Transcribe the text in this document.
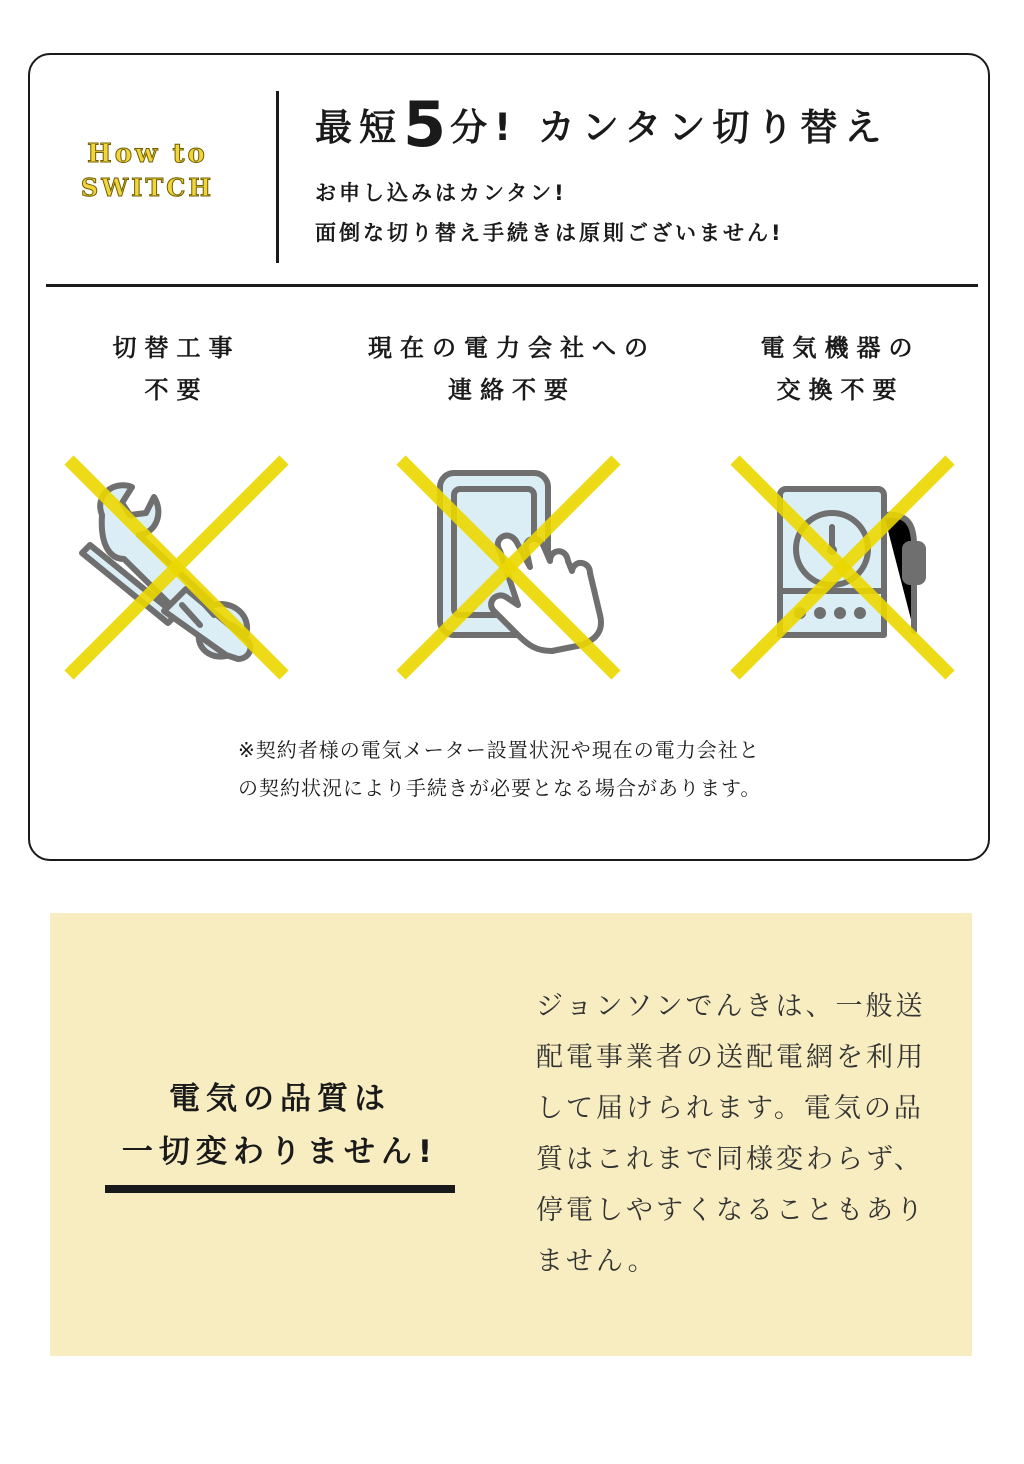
How to
SWITCH
最短5分! カンタン切り替え
お申し込みはカンタン!
面倒な切り替え手続きは原則ございません!
切替工事
不要
現在の電力会社への
連絡不要
電気機器の
交換不要
※契約者様の電気メーター設置状況や現在の電力会社との契約状況により手続きが必要となる場合があります。
電気の品質は
一切変わりません!
ジョンソンでんきは、一般送配電事業者の送配電網を利用して届けられます。電気の品質はこれまで同様変わらず、停電しやすくなることもありません。
